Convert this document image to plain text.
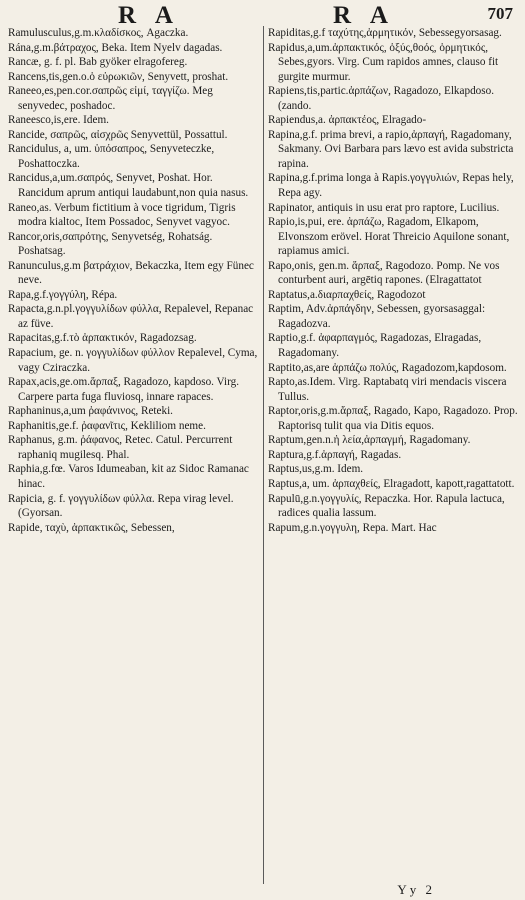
R A	R A	707
Ramulusculus,g.m.κλαδίσκος, Agaczka.
Rána,g.m.βάτραχος, Beka. Item Nyelv dagadas.
Rancæ, g. f. pl. Bab gyöker elragofereg.
Rancens,tis,gen.o.ὁ εὐρωκιῶν, Senyvett, proshat.
Raneeo,es,pen.cor.σαπρῶς εἰμί, ταγγίζω. Meg senyvedec, poshadoc.
Raneesco,is,ere. Idem.
Rancide, σαπρῶς, αἰσχρῶς Senyvettül, Possattul.
Rancidulus, a, um. ὑπόσαπρος, Senyveteczke, Poshattoczka.
Rancidus,a,um.σαπρός, Senyvet, Poshat. Hor. Rancidum aprum antiqui laudabunt,non quia nasus.
Raneo,as. Verbum fictitium à voce tigridum, Tigris modra kialtoc, Item Possadoc, Senyvet vagyoc.
Rancor,oris,σαπρότης, Senyvetség, Rohatság. Poshatsag.
Ranunculus,g.m βατράχιον, Bekaczka, Item egy Fünec neve.
Rapa,g.f.γογγύλη, Répa.
Rapacta,g.n.pl.γογγυλίδων φύλλα, Repalevel, Repanac az füve.
Rapacitas,g.f.τὸ ἁρπακτικόν, Ragadozsag.
Rapacium, ge. n. γογγυλίδων φύλλον Repalevel, Cyma, vagy Cziraczka.
Rapax,acis,ge.om.ἅρπαξ, Ragadozo, kapdoso. Virg. Carpere parta fuga fluviosq, innare rapaces.
Raphaninus,a,um ῥαφάνινος, Reteki.
Raphanitis,ge.f. ῥαφανῖτις, Kekliliom neme.
Raphanus, g.m. ῥάφανος, Retec. Catul. Percurrent raphaniq mugilesq. Phal.
Raphia,g.fœ. Varos Idumeaban, kit az Sidoc Ramanac hinac.
Rapicia, g. f. γογγυλίδων φύλλα. Repa virag level. (Gyorsan.
Rapide, ταχὺ, ἁρπακτικῶς, Sebessen,
Rapiditas,g.f ταχύτης,ἁρμητικόν, Sebessegyorsasag.
Rapidus,a,um.ἁρπακτικός, ὀξύς,θοός, ὁρμητικός, Sebes,gyors. Virg. Cum rapidos amnes, clauso fit gurgite murmur.
Rapiens,tis,partic.ἁρπάζων, Ragadozo, Elkapdoso. (zando.
Rapiendus,a. ἁρπακτέος, Elragado-
Rapina,g.f. prima brevi, a rapio,ἁρπαγή, Ragadomany, Sakmany. Ovi Barbara pars lævo est avida substricta rapina.
Rapina,g.f.prima longa à Rapis.γογγυλιών, Repas hely, Repa agy.
Rapinator, antiquis in usu erat pro raptore, Lucilius.
Rapio,is,pui, ere. ἁρπάζω, Ragadom, Elkapom, Elvonszom erövel. Horat Threicio Aquilone sonant, rapiamus amici.
Rapo,onis, gen.m. ἅρπαξ, Ragodozo. Pomp. Ne vos conturbent auri, argētiq rapones. (Elragattatot
Raptatus,a.διαρπαχθείς, Ragodozot
Raptim, Adv.ἁρπάγδην, Sebessen, gyorsasaggal: Ragadozva.
Raptio,g.f. ἁφαρπαγμός, Ragadozas, Elragadas, Ragadomany.
Raptito,as,are ἁρπάζω πολύς, Ragadozom,kapdosom.
Rapto,as.Idem. Virg. Raptabatq viri mendacis viscera Tullus.
Raptor,oris,g.m.ἅρπαξ, Ragado, Kapo, Ragadozo. Prop. Raptorisq tulit qua via Ditis equos.
Raptum,gen.n.ἡ λεία,ἁρπαγμή, Ragadomany.
Raptura,g.f.ἁρπαγή, Ragadas.
Raptus,us,g.m. Idem.
Raptus,a, um. ἁρπαχθείς, Elragadott, kapott,ragattatott.
Rapulū,g.n.γογγυλίς, Repaczka. Hor. Rapula lactuca, radices qualia lassum.
Rapum,g.n.γογγυλη, Repa. Mart. Hac
Yy 2
